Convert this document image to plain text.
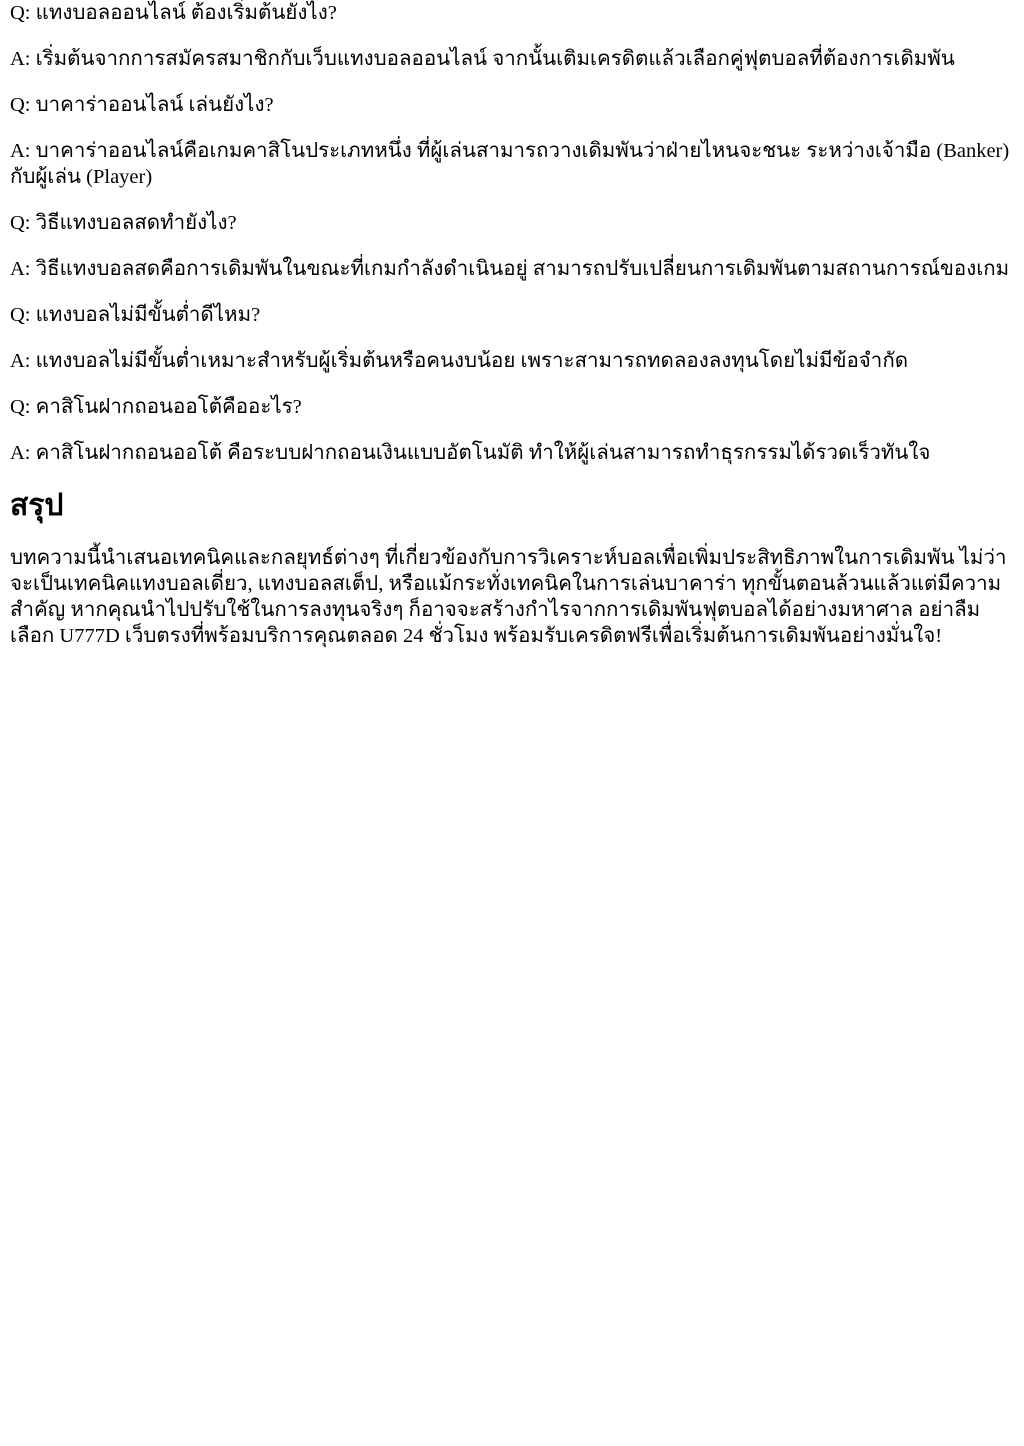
Q: แทงบอลออนไลน์ ต้องเริ่มต้นยังไง?

A: เริ่มต้นจากการสมัครสมาชิกกับเว็บแทงบอลออนไลน์ จากนั้นเติมเครดิตแล้วเลือกคู่ฟุตบอลที่ต้องการเดิมพัน

Q: บาคาร่าออนไลน์ เล่นยังไง?

A: บาคาร่าออนไลน์คือเกมคาสิโนประเภทหนึ่ง ที่ผู้เล่นสามารถวางเดิมพันว่าฝ่ายไหนจะชนะ ระหว่างเจ้ามือ (Banker) กับผู้เล่น (Player)

Q: วิธีแทงบอลสดทำยังไง?

A: วิธีแทงบอลสดคือการเดิมพันในขณะที่เกมกำลังดำเนินอยู่ สามารถปรับเปลี่ยนการเดิมพันตามสถานการณ์ของเกม

Q: แทงบอลไม่มีขั้นต่ำดีไหม?

A: แทงบอลไม่มีขั้นต่ำเหมาะสำหรับผู้เริ่มต้นหรือคนงบน้อย เพราะสามารถทดลองลงทุนโดยไม่มีข้อจำกัด

Q: คาสิโนฝากถอนออโต้คืออะไร?

A: คาสิโนฝากถอนออโต้ คือระบบฝากถอนเงินแบบอัตโนมัติ ทำให้ผู้เล่นสามารถทำธุรกรรมได้รวดเร็วทันใจ

สรุป

บทความนี้นำเสนอเทคนิคและกลยุทธ์ต่างๆ ที่เกี่ยวข้องกับการวิเคราะห์บอลเพื่อเพิ่มประสิทธิภาพในการเดิมพัน ไม่ว่าจะเป็นเทคนิคแทงบอลเดี่ยว, แทงบอลสเต็ป, หรือแม้กระทั่งเทคนิคในการเล่นบาคาร่า ทุกขั้นตอนล้วนแล้วแต่มีความสำคัญ หากคุณนำไปปรับใช้ในการลงทุนจริงๆ ก็อาจจะสร้างกำไรจากการเดิมพันฟุตบอลได้อย่างมหาศาล อย่าลืมเลือก U777D เว็บตรงที่พร้อมบริการคุณตลอด 24 ชั่วโมง พร้อมรับเครดิตฟรีเพื่อเริ่มต้นการเดิมพันอย่างมั่นใจ!
